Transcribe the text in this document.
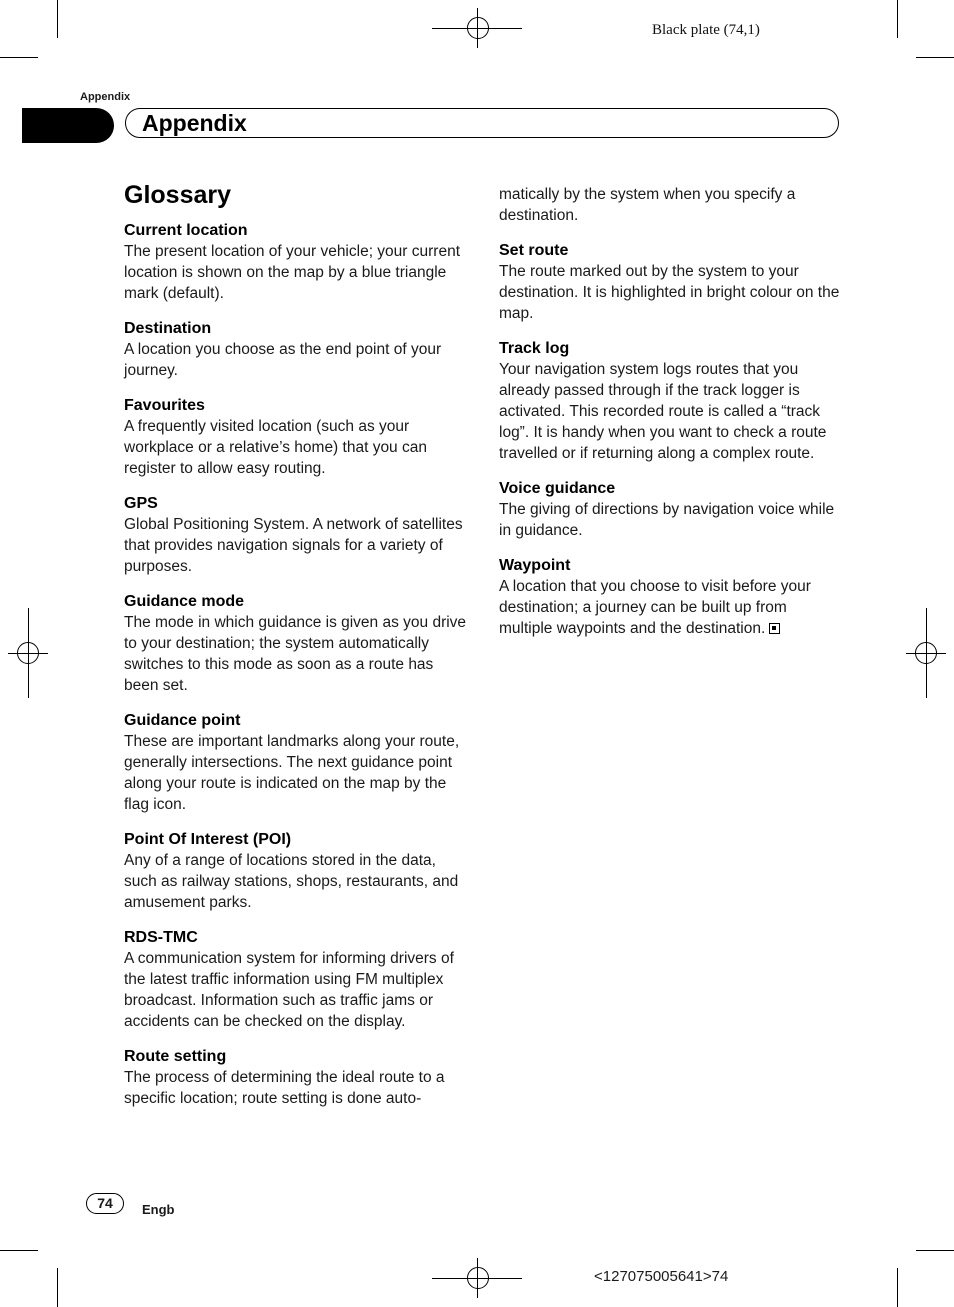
Black plate (74,1)
Appendix
Appendix
Glossary

Current location

The present location of your vehicle; your current location is shown on the map by a blue triangle mark (default).

Destination

A location you choose as the end point of your journey.

Favourites

A frequently visited location (such as your workplace or a relative’s home) that you can register to allow easy routing.

GPS

Global Positioning System. A network of satellites that provides navigation signals for a variety of purposes.

Guidance mode

The mode in which guidance is given as you drive to your destination; the system automatically switches to this mode as soon as a route has been set.

Guidance point

These are important landmarks along your route, generally intersections. The next guidance point along your route is indicated on the map by the flag icon.

Point Of Interest (POI)

Any of a range of locations stored in the data, such as railway stations, shops, restaurants, and amusement parks.

RDS-TMC

A communication system for informing drivers of the latest traffic information using FM multiplex broadcast. Information such as traffic jams or accidents can be checked on the display.

Route setting

The process of determining the ideal route to a specific location; route setting is done auto-

matically by the system when you specify a destination.

Set route

The route marked out by the system to your destination. It is highlighted in bright colour on the map.

Track log

Your navigation system logs routes that you already passed through if the track logger is activated. This recorded route is called a “track log”. It is handy when you want to check a route travelled or if returning along a complex route.

Voice guidance

The giving of directions by navigation voice while in guidance.

Waypoint

A location that you choose to visit before your destination; a journey can be built up from multiple waypoints and the destination.

74	Engb
<127075005641>74
